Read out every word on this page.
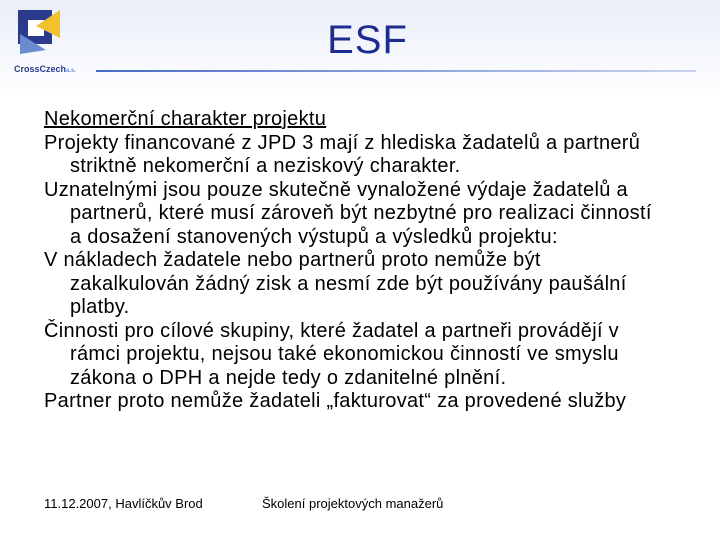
CrossCzecha.s.
ESF
Nekomerční charakter projektu

Projekty financované z JPD 3 mají z hlediska žadatelů a partnerů striktně nekomerční a neziskový charakter.

Uznatelnými jsou pouze skutečně vynaložené výdaje žadatelů a partnerů, které musí zároveň být nezbytné pro realizaci činností a dosažení stanovených výstupů a výsledků projektu:

V nákladech žadatele nebo partnerů proto nemůže být zakalkulován žádný zisk a nesmí zde být používány paušální platby.

Činnosti pro cílové skupiny, které žadatel a partneři provádějí v rámci projektu, nejsou také ekonomickou činností ve smyslu zákona o DPH a nejde tedy o zdanitelné plnění.

Partner proto nemůže žadateli „fakturovat“ za provedené služby

11.12.2007, Havlíčkův Brod	Školení projektových manažerů
